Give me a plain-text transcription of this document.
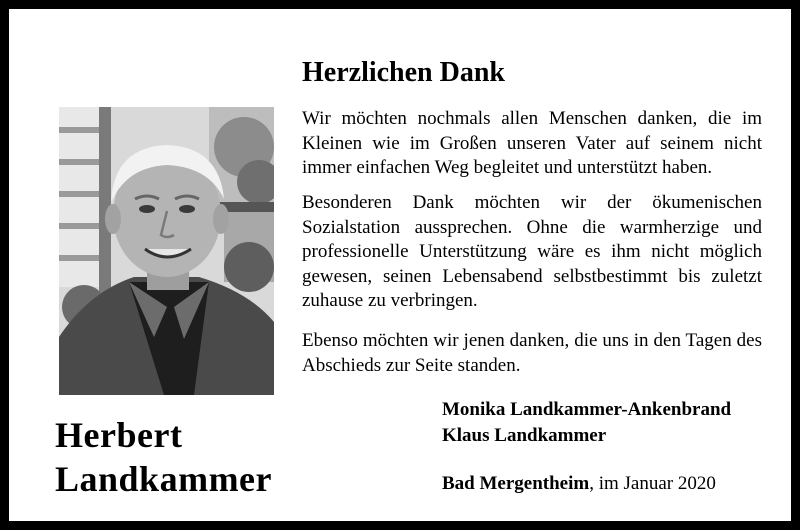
Herbert
Landkammer
Herzlichen Dank
Wir möchten nochmals allen Menschen danken, die im Kleinen wie im Großen unseren Vater auf seinem nicht immer einfachen Weg begleitet und unterstützt haben.
Besonderen Dank möchten wir der ökumenischen Sozialstation aussprechen. Ohne die warmherzige und professionelle Unterstützung wäre es ihm nicht möglich gewesen, seinen Lebensabend selbstbestimmt bis zuletzt zuhause zu verbringen.
Ebenso möchten wir jenen danken, die uns in den Tagen des Abschieds zur Seite standen.
Monika Landkammer-Ankenbrand
Klaus Landkammer
Bad Mergentheim, im Januar 2020
